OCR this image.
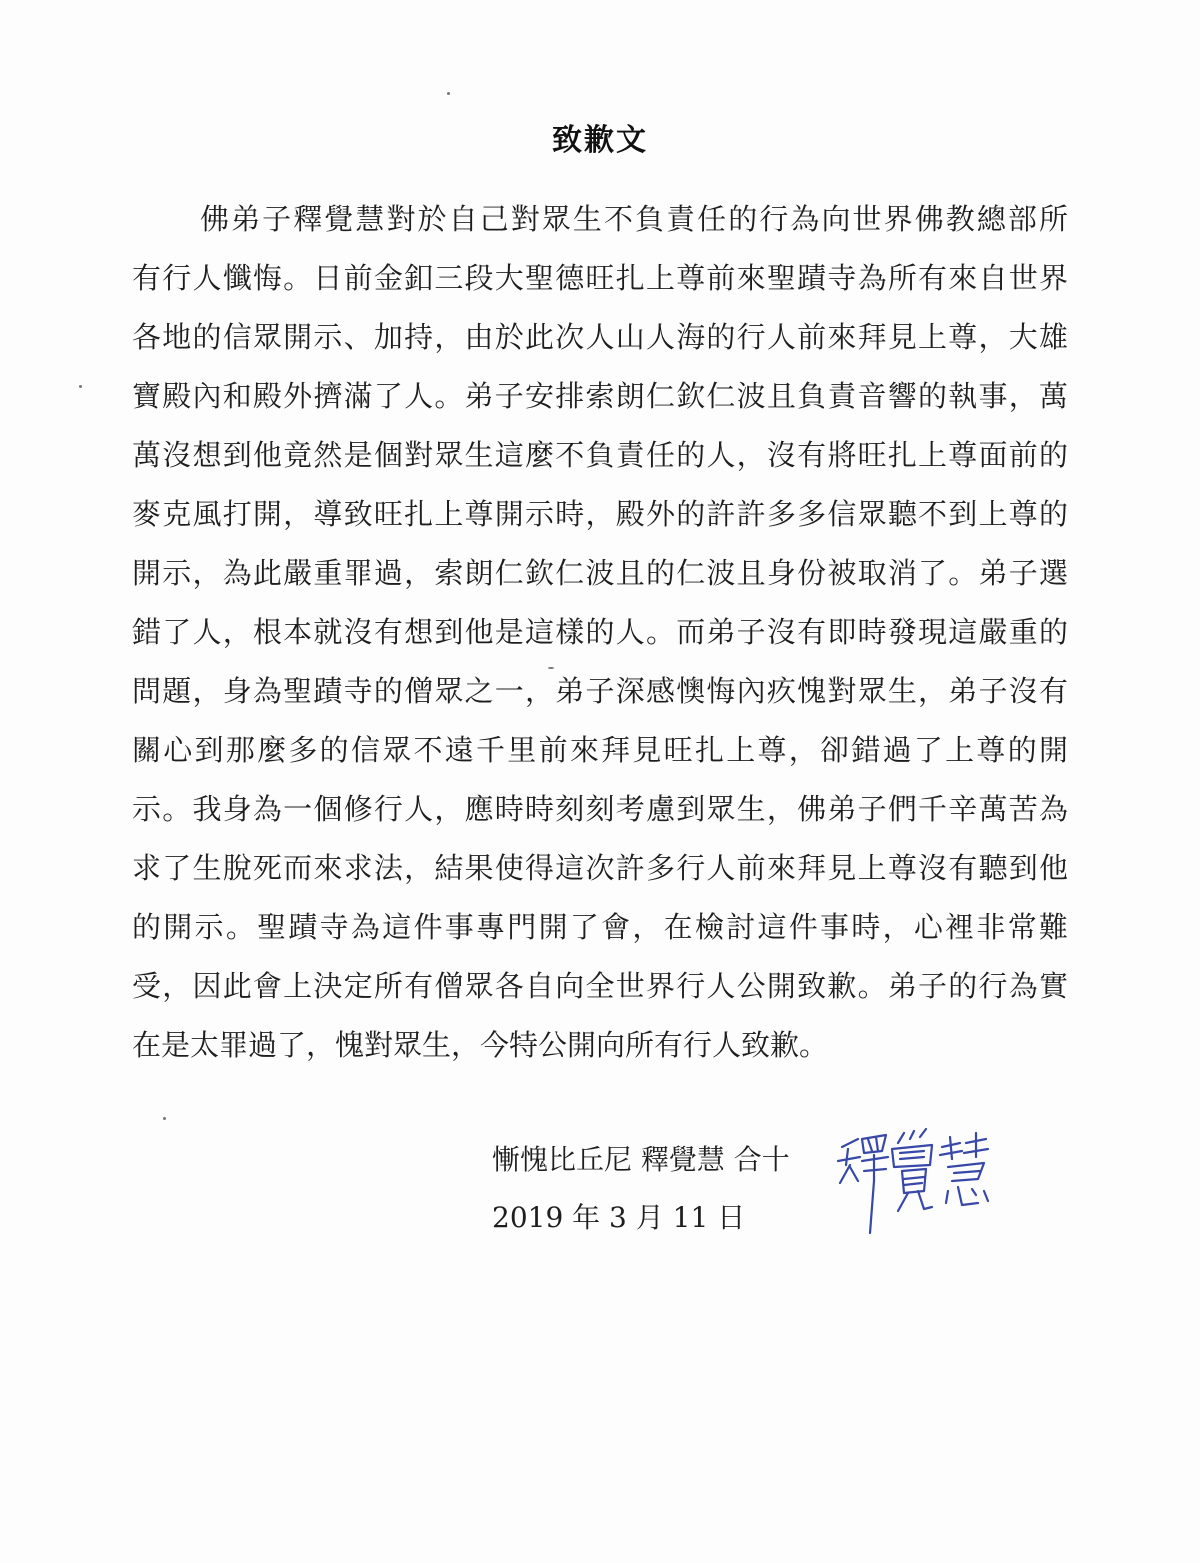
致歉文
佛弟子釋覺慧對於自己對眾生不負責任的行為向世界佛教總部所
有行人懺悔。日前金釦三段大聖德旺扎上尊前來聖蹟寺為所有來自世界
各地的信眾開示、加持，由於此次人山人海的行人前來拜見上尊，大雄
寶殿內和殿外擠滿了人。弟子安排索朗仁欽仁波且負責音響的執事，萬
萬沒想到他竟然是個對眾生這麼不負責任的人，沒有將旺扎上尊面前的
麥克風打開，導致旺扎上尊開示時，殿外的許許多多信眾聽不到上尊的
開示，為此嚴重罪過，索朗仁欽仁波且的仁波且身份被取消了。弟子選
錯了人，根本就沒有想到他是這樣的人。而弟子沒有即時發現這嚴重的
問題，身為聖蹟寺的僧眾之一，弟子深感懊悔內疚愧對眾生，弟子沒有
關心到那麼多的信眾不遠千里前來拜見旺扎上尊，卻錯過了上尊的開
示。我身為一個修行人，應時時刻刻考慮到眾生，佛弟子們千辛萬苦為
求了生脫死而來求法，結果使得這次許多行人前來拜見上尊沒有聽到他
的開示。聖蹟寺為這件事專門開了會，在檢討這件事時，心裡非常難
受，因此會上決定所有僧眾各自向全世界行人公開致歉。弟子的行為實
在是太罪過了，愧對眾生，今特公開向所有行人致歉。
慚愧比丘尼 釋覺慧 合十
2019 年 3 月 11 日
